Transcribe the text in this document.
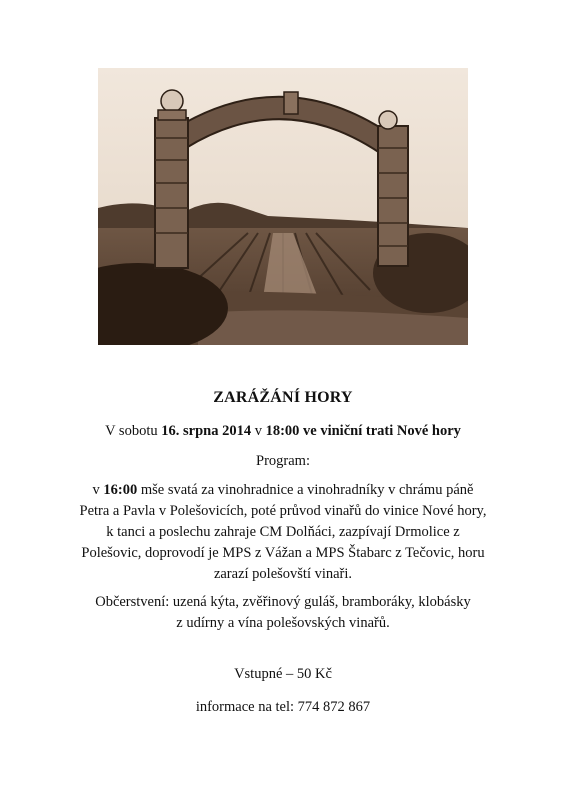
ZARÁŽÁNÍ HORY
V sobotu 16. srpna 2014 v 18:00 ve viniční trati Nové hory
Program:
v 16:00 mše svatá za vinohradnice a vinohradníky v chrámu páně
Petra a Pavla v Polešovicích, poté průvod vinařů do vinice Nové hory,
k tanci a poslechu zahraje CM Dolňáci, zazpívají Drmolice z
Polešovic, doprovodí je MPS z Vážan a MPS Štabarc z Tečovic, horu
zarazí polešovští vinaři.
Občerstvení: uzená kýta, zvěřinový guláš, bramboráky, klobásky
z udírny a vína polešovských vinařů.
Vstupné – 50 Kč
informace na tel: 774 872 867
